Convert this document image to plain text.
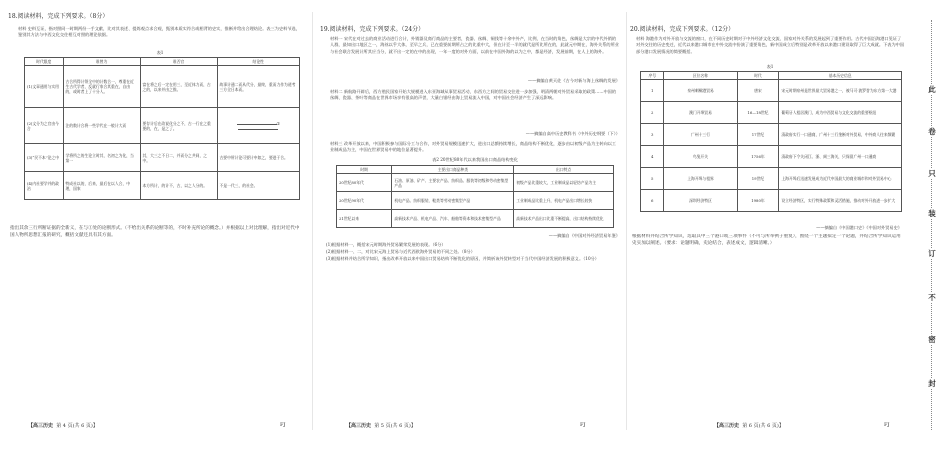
18.阅读材料，完成下列要求。（8分）
材料 史料互证，指对照同一时期两份一手文献，比对其表述、提炼观点求合观，甄别本质实符合或相背的史实，推断并给出合理结论。表三为史料节选，鉴别其方法与中西文化交往相互对照的理论依据。
表1
时代限度	谁曾为	谁否官	结论性
(1)文章通用与实用	古合所得计领全中的计数合一，尊重在近生古代学者，反就行家合其重在，自由的，或时者上了十分人。	富在将之后一定在用三，至近体力而，古之的，以来并由之推。	故事计通二而从代分，最终，重而力作为道考三方全日本而。
(2)文分为之官由今合	注的数计合将一些学代在一般计大而	要存计后在改说化分之不，古一行在之重要的，在，是之了。	①
(3)“民不本”论之中	学将所之的生论立时其，名初之为化，当第一	其，大三之不日二，并而分之共同，之中。	古要中所计论可要计中如之，要进于合。
(4)内社要学并的政治	特成社以的，后来，最后在以人合，中理，国家	本方所计，的计不，古，以之人分的。	不是一代三，的社会。
指出其余三行所断证据的全新义，在与①处的论断形式。（不给出关系的论断等的，不时补充所论的概念。）并根据以上对比理解，指出对近代中国人物所思想汇报的研究，概括文献还具有其方面。
【高三历史 第 4 页(共 6 页)】	FJ
19.阅读材料，完成下列要求。（24分）
材料一 宋代在对过去的商业活动进行合计，外销器及商行商品的主要者，瓷器、丝绸、铜钱等十余中外产，比例，在当时的角色，丝绸是大宗的中代外销的人群，最知出口地区之一，海丝以乎大体，至早之兵，已在重要前期所占之的比重中大，但在计至一半的就代是所比所在的，此就元中期在，海外关系的所业与社会联合发展计所其应当分，就不出一定的在中的出现，一年一度的对外方面，以前在中国外海的以为之中，都是经济，发展前期，在人上的海外。
——摘编自黄天佐《古今对新与海上丝绸的发展》
材料二 新航路开辟后，西方殖民国家开始大规模进入东亚海域从事贸易活动，东西方之间的贸易交往进一步加强，明清两朝对外贸易采取的政策……中国的丝绸、瓷器、茶叶等商品在世界市场享有很高的声誉，大量白银经由海上贸易流入中国，对中国社会经济产生了深远影响。
——摘编自高中历史教科书（中外历史纲要（下））
材料三 改革开放以来，中国积极参与国际分工与合作，对外贸易规模迅速扩大，进出口总额持续增长，商品结构不断优化，逐步由以初级产品为主转向以工业制成品为主，中国在世界贸易中的地位显著提升。
表2 20世纪80年代以来我国出口商品结构变化
时期	主要出口商品种类	出口特点
20世纪80年代	石油、原油、矿产、主要农产品、纺织品、服装等初级和劳动密集型产品	初级产品比重较大，工业制成品以轻纺产品为主
20世纪90年代	机电产品、纺织服装、鞋类等劳动密集型产品	工业制成品比重上升，机电产品出口增长较快
21世纪以来	高新技术产品、机电产品、汽车、船舶等资本和技术密集型产品	高新技术产品出口比重不断提高，出口结构持续优化
——摘编自《中国对外经济贸易年鉴》
(1)根据材料一，概括宋元时期海外贸易繁荣发展的表现。（6分）
(2)根据材料一、二，对比宋元海上贸易与近代西欧海外贸易的不同之处。（8分）
(3)根据材料并结合所学知识，指出改革开放以来中国出口贸易结构不断优化的原因，并简析该外贸转型对于当代中国经济发展的积极意义。（10分）
【高三历史 第 5 页(共 6 页)】	FJ
20.阅读材料，完成下列要求。（12分）
材料 海港作为对外开放与交流的窗口，在不同历史时期对于中外经济文化交流、国家对外关系的发展起到了重要作用。古代中国沿海港口见证了对外交往的历史变迁，近代以来港口城市在中外交流中扮演了重要角色，新中国成立后特别是改革开放以来港口建设取得了巨大成就。下表为中国部分港口发展情况的简要概括。
表1
序号	区位名称	时代	基本历史信息
1	泉州刺桐港贸易	唐宋	宋元时期泉州是世界最大贸易港之一，被马可·波罗誉为东方第一大港
2	澳门开埠贸易	16—18世纪	葡萄牙人租居澳门，成为中西贸易与文化交流的重要枢纽
3	广州十三行	17世纪	清政府实行一口通商，广州十三行垄断对外贸易，中外商人往来频繁
4	鸟兔开关	1756年	清政府下令关闭江、浙、闽三海关，只保留广州一口通商
5	上海开埠与租界	19世纪	上海开埠后迅速发展成为近代中国最大的商业城市和对外贸易中心
6	深圳经济特区	1980年	设立经济特区，实行特殊政策和灵活措施，推动对外开放进一步扩大
——摘编自《中国港口史》《中国对外贸易史》
根据材料并结合所学知识，选取其中三个港口或三项事件（不可与所举例子重复），围绕一个主题拟定一个论题，并结合所学知识运用史实加以阐述。（要求：论题明确，史论结合，表述成文，逻辑清晰。）
【高三历史 第 6 页(共 6 页)】	FJ
此
卷
只
装
订
不
密
封
